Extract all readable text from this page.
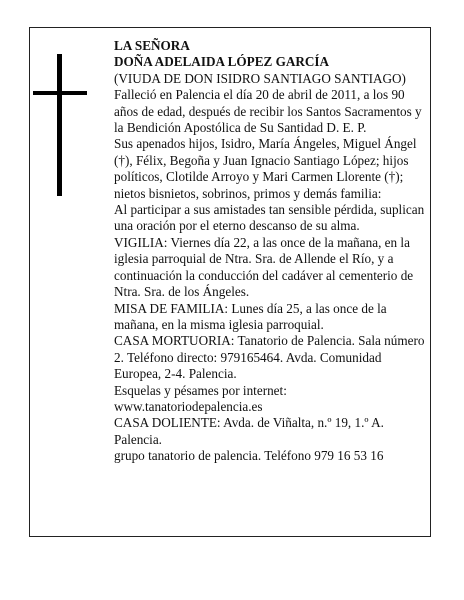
LA SEÑORA

DOÑA ADELAIDA LÓPEZ GARCÍA

(VIUDA DE DON ISIDRO SANTIAGO SANTIAGO)

Falleció en Palencia el día 20 de abril de 2011, a los 90 años de edad, después de recibir los Santos Sacramentos y la Bendición Apostólica de Su Santidad D. E. P.

Sus apenados hijos, Isidro, María Ángeles, Miguel Ángel (†), Félix, Begoña y Juan Ignacio Santiago López; hijos políticos, Clotilde Arroyo y Mari Carmen Llorente (†); nietos bisnietos, sobrinos, primos y demás familia:

Al participar a sus amistades tan sensible pérdida, suplican una oración por el eterno descanso de su alma.

VIGILIA: Viernes día 22, a las once de la mañana, en la iglesia parroquial de Ntra. Sra. de Allende el Río, y a continuación la conducción del cadáver al cementerio de Ntra. Sra. de los Ángeles.

MISA DE FAMILIA: Lunes día 25, a las once de la mañana, en la misma iglesia parroquial.

CASA MORTUORIA: Tanatorio de Palencia. Sala número 2. Teléfono directo: 979165464. Avda. Comunidad Europea, 2-4. Palencia.

Esquelas y pésames por internet:

www.tanatoriodepalencia.es

CASA DOLIENTE: Avda. de Viñalta, n.º 19, 1.º A. Palencia.

grupo tanatorio de palencia. Teléfono 979 16 53 16
